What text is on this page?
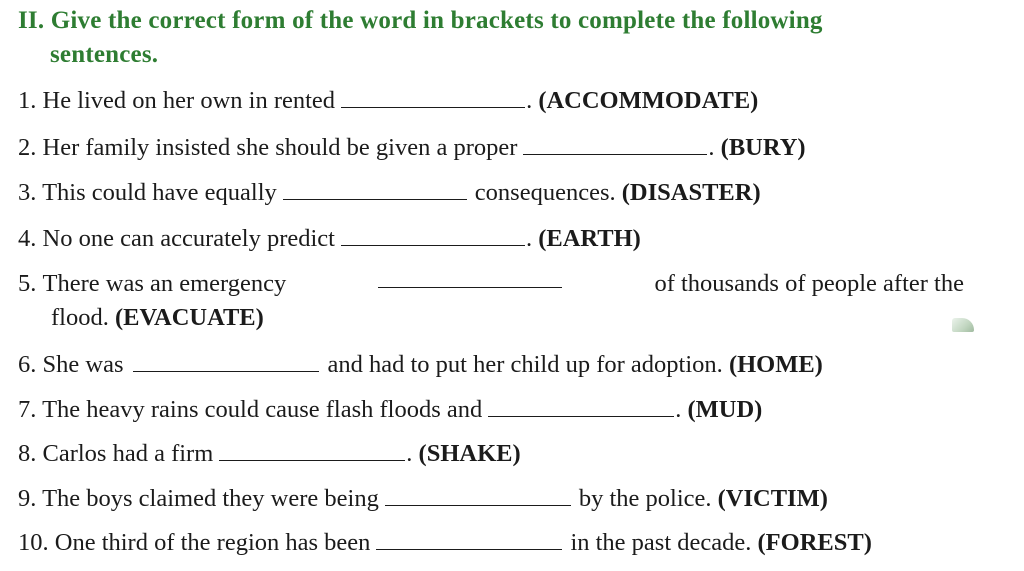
II. Give the correct form of the word in brackets to complete the following
sentences.
1. He lived on her own in rented	. (ACCOMMODATE)
2. Her family insisted she should be given a proper	. (BURY)
3. This could have equally	consequences. (DISASTER)
4. No one can accurately predict	. (EARTH)
5. There was an emergency	of thousands of people after the
flood. (EVACUATE)
6. She was	and had to put her child up for adoption. (HOME)
7. The heavy rains could cause flash floods and	. (MUD)
8. Carlos had a firm	. (SHAKE)
9. The boys claimed they were being	by the police. (VICTIM)
10. One third of the region has been	in the past decade. (FOREST)
